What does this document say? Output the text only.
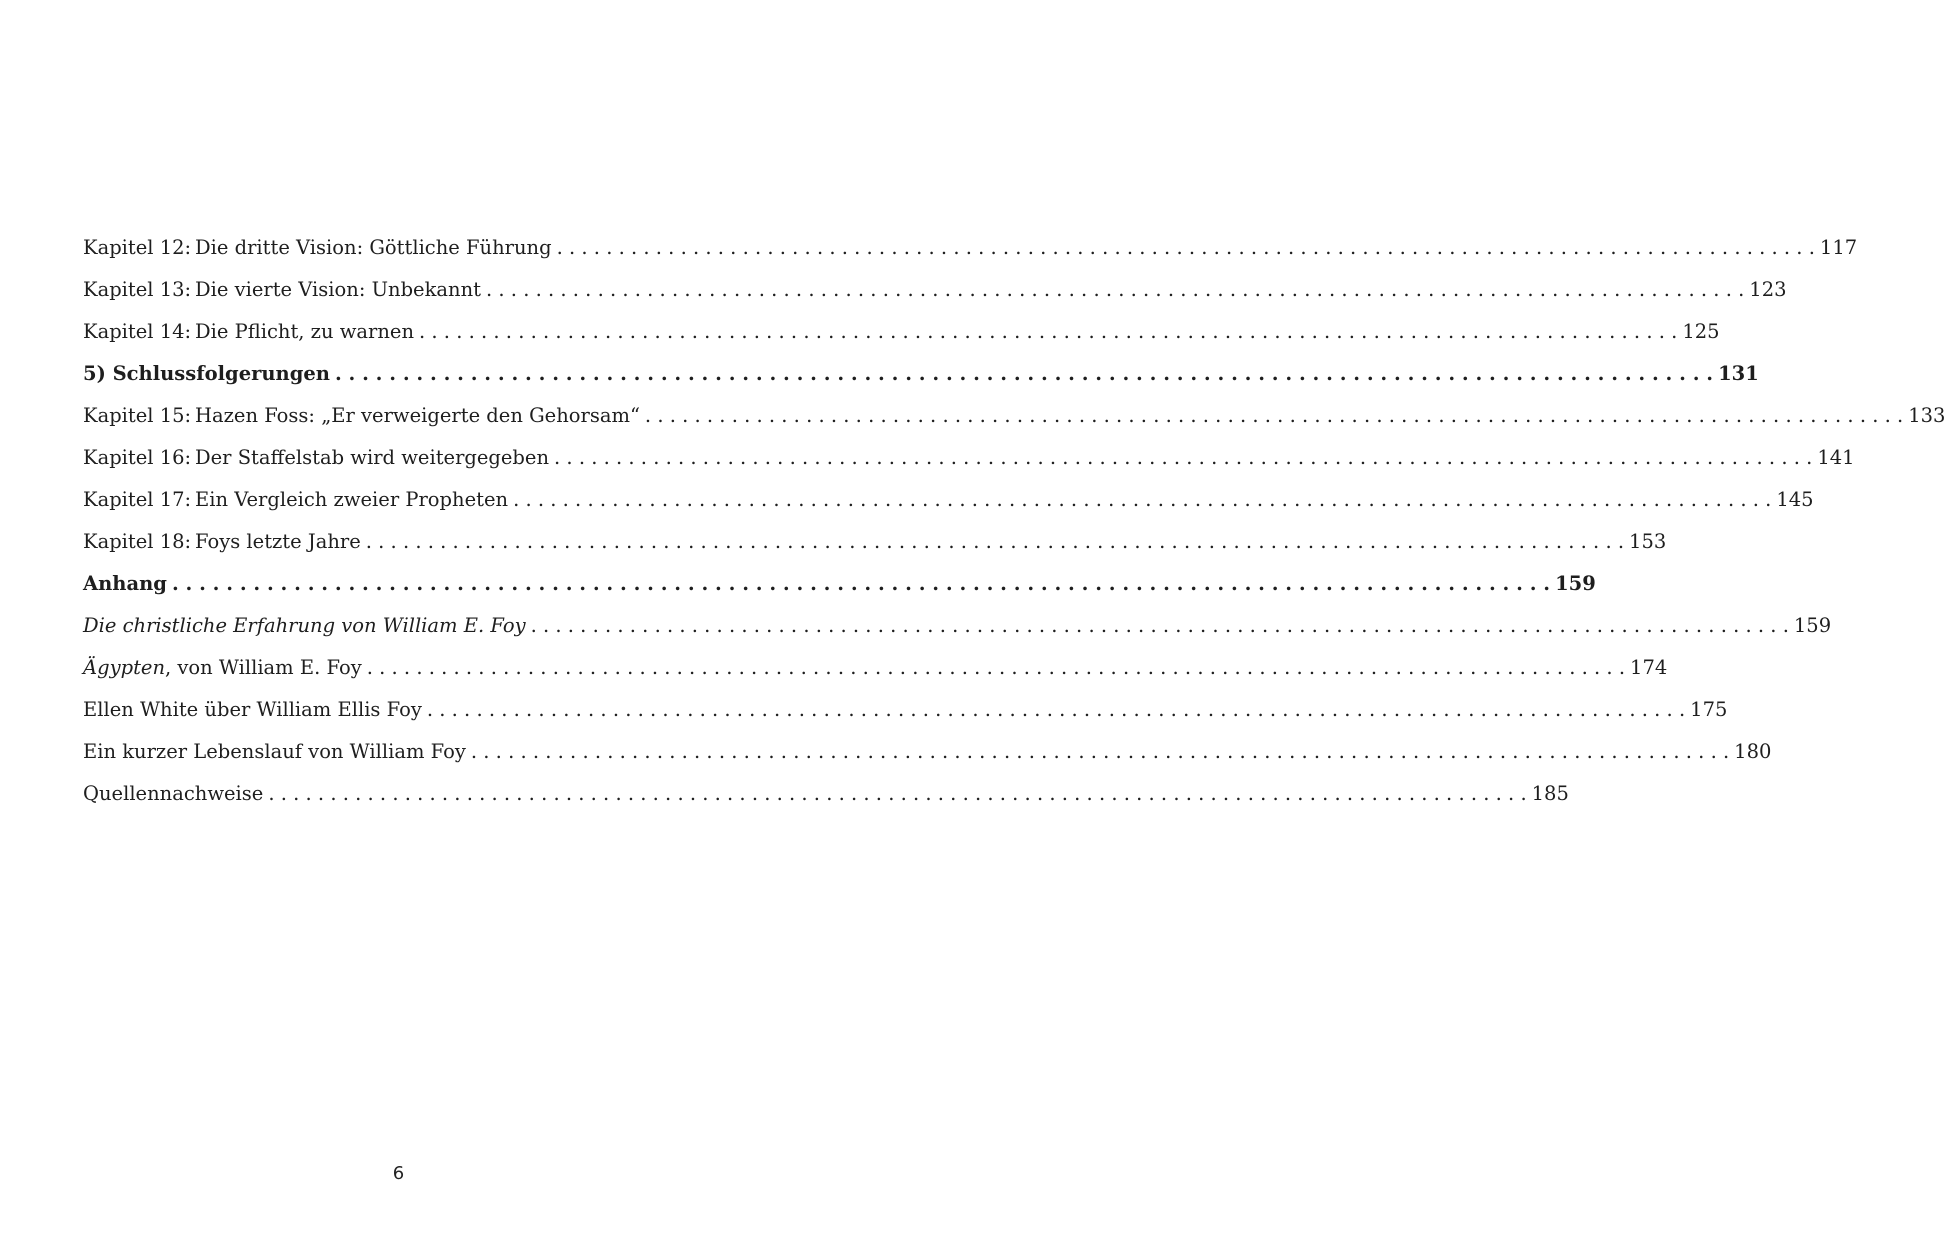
Kapitel 12: Die dritte Vision: Göttliche Führung . . .	117
Kapitel 13: Die vierte Vision: Unbekannt . . .	123
Kapitel 14: Die Pflicht, zu warnen . . .	125
5) Schlussfolgerungen . . .	131
Kapitel 15: Hazen Foss: „Er verweigerte den Gehorsam“ . . .	133
Kapitel 16: Der Staffelstab wird weitergegeben . . .	141
Kapitel 17: Ein Vergleich zweier Propheten . . .	145
Kapitel 18: Foys letzte Jahre . . .	153
Anhang . . .	159
Die christliche Erfahrung von William E. Foy . . .	159
Ägypten, von William E. Foy . . .	174
Ellen White über William Ellis Foy . . .	175
Ein kurzer Lebenslauf von William Foy . . .	180
Quellennachweise . . .	185
6
